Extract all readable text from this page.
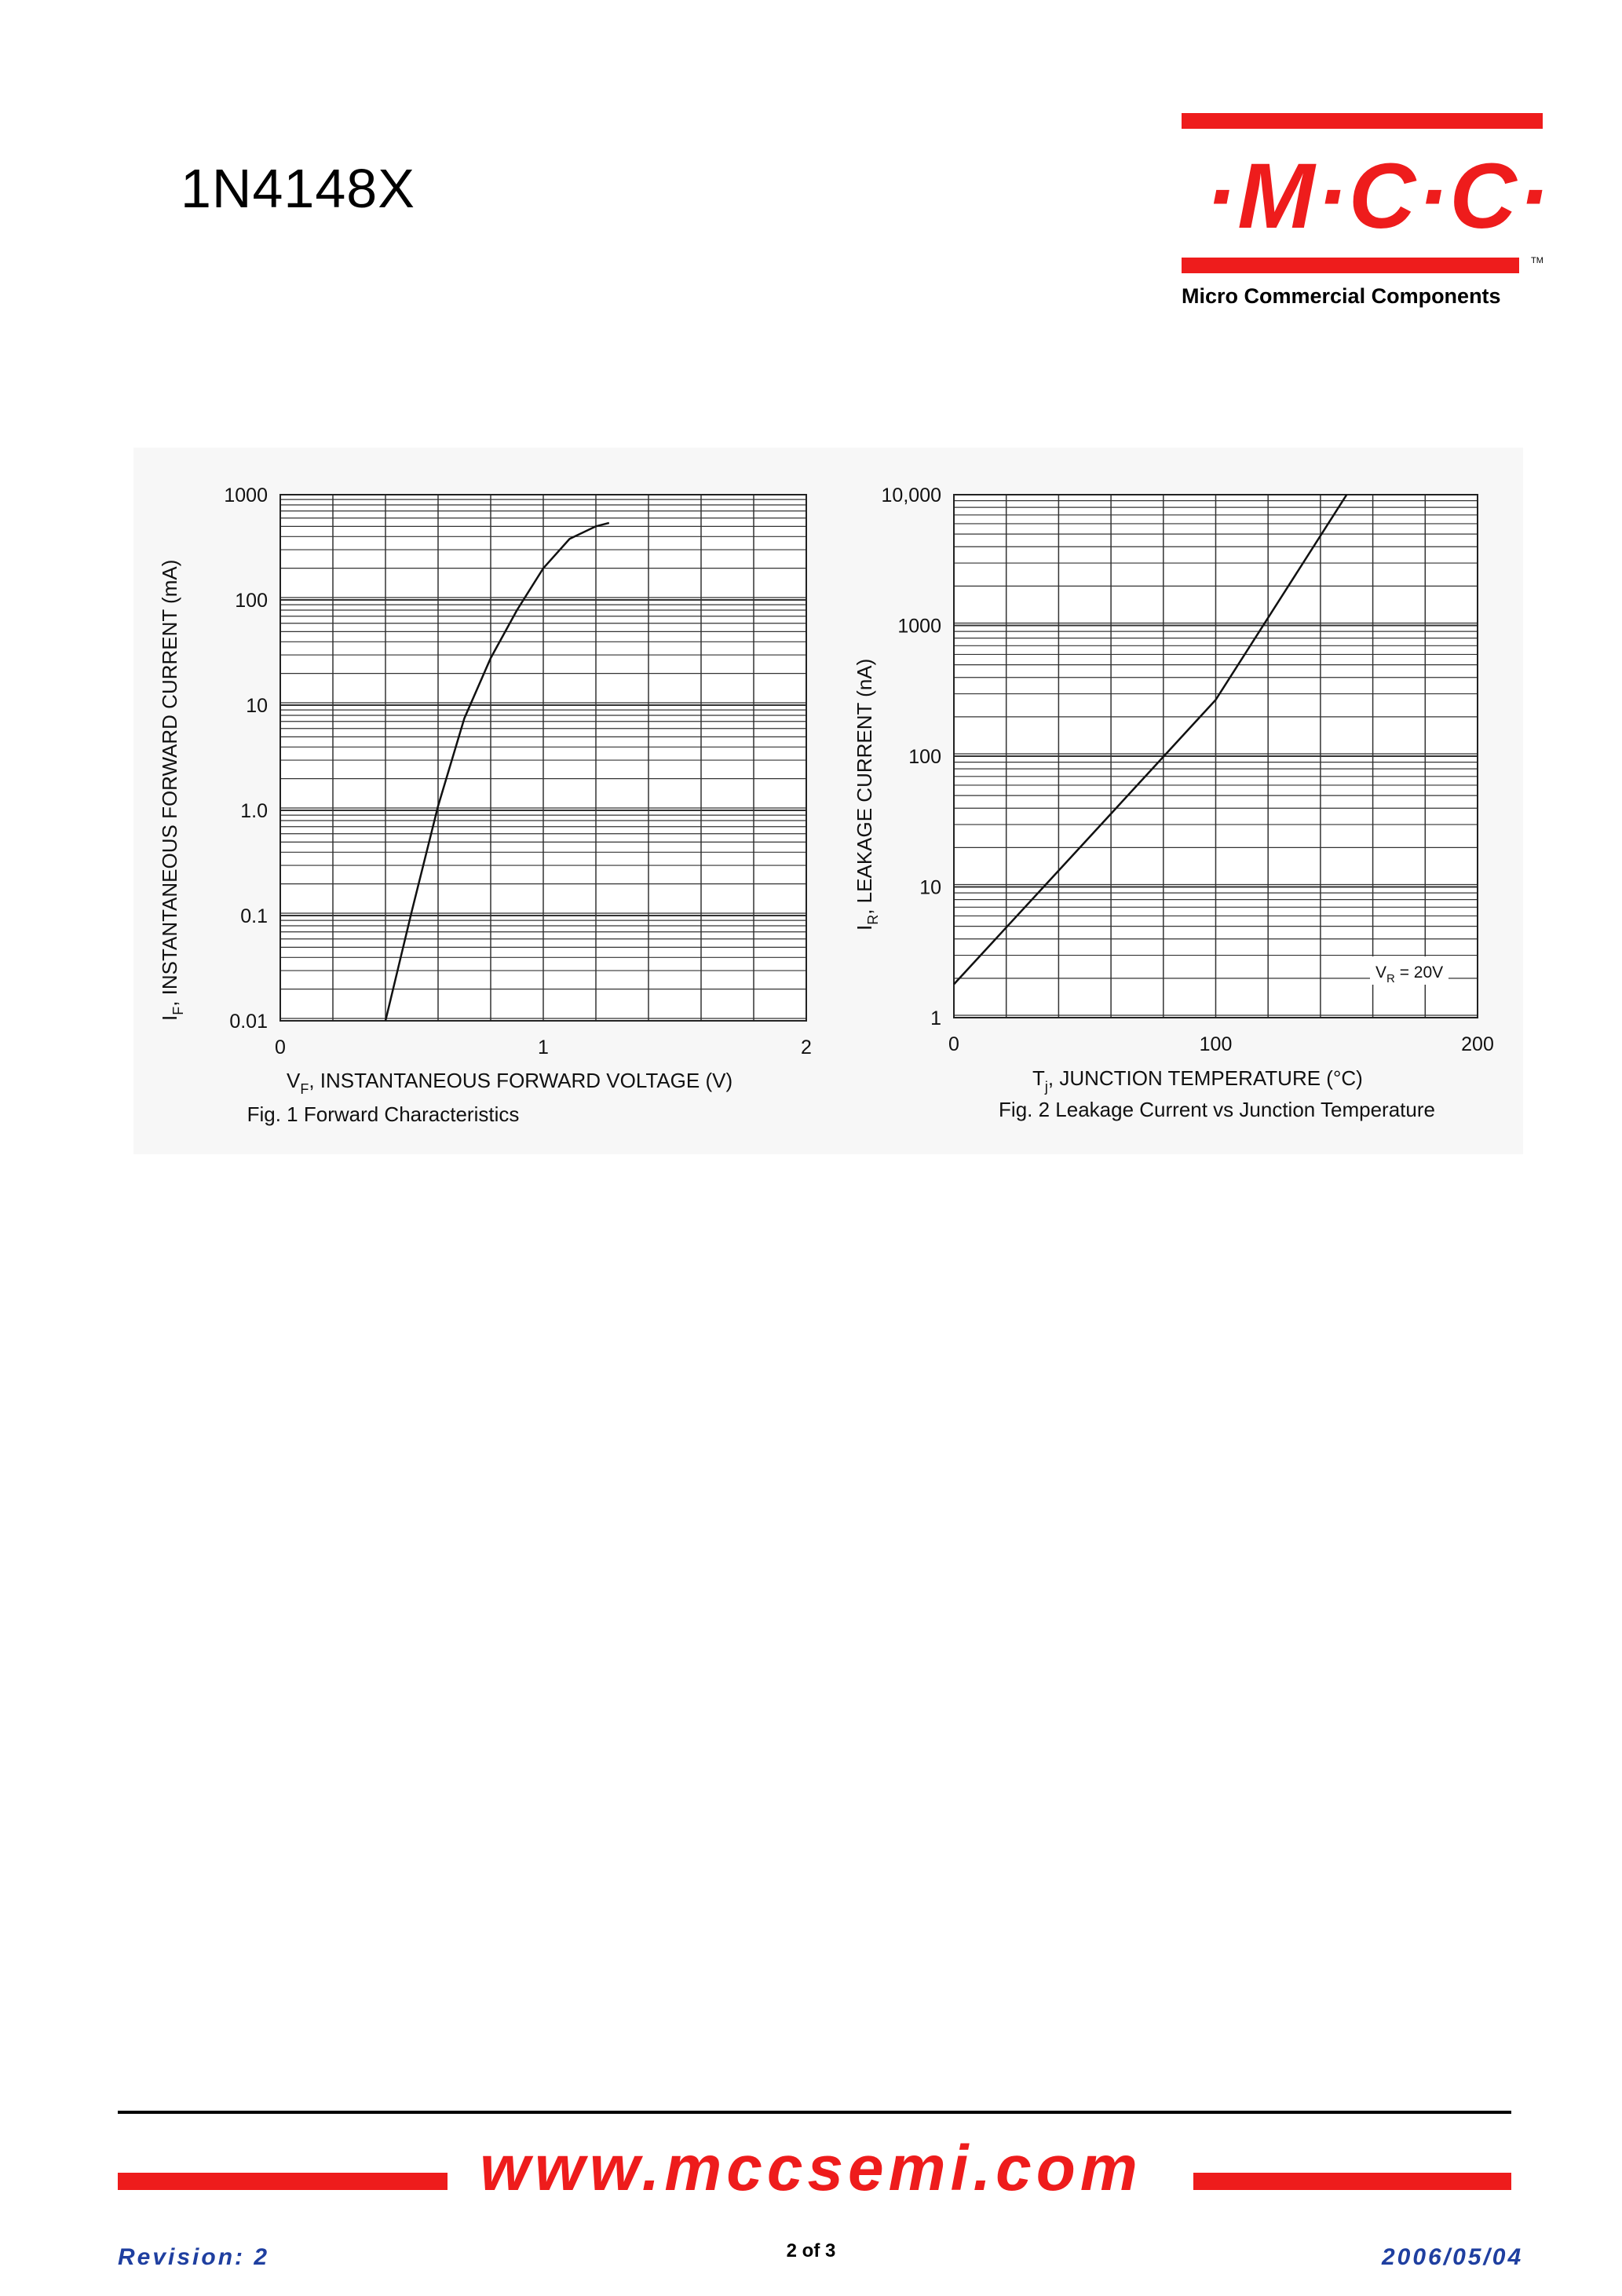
1N4148X	·M·C·C·
TM
Micro Commercial Components
0.01
0.1
1.0
10
100
1000
0	1	2
$I_F$, INSTANTANEOUS FORWARD CURRENT (mA)
$V_F$, INSTANTANEOUS FORWARD VOLTAGE (V)
Fig. 1 Forward Characteristics
1
10
100
1000
10,000
0	100	200
$V_R = 20V$
$I_R$, LEAKAGE CURRENT (nA)
$T_j$, JUNCTION TEMPERATURE (°C)
Fig. 2 Leakage Current vs Junction Temperature
www.mccsemi.com
Revision: 2	2 of 3	2006/05/04
